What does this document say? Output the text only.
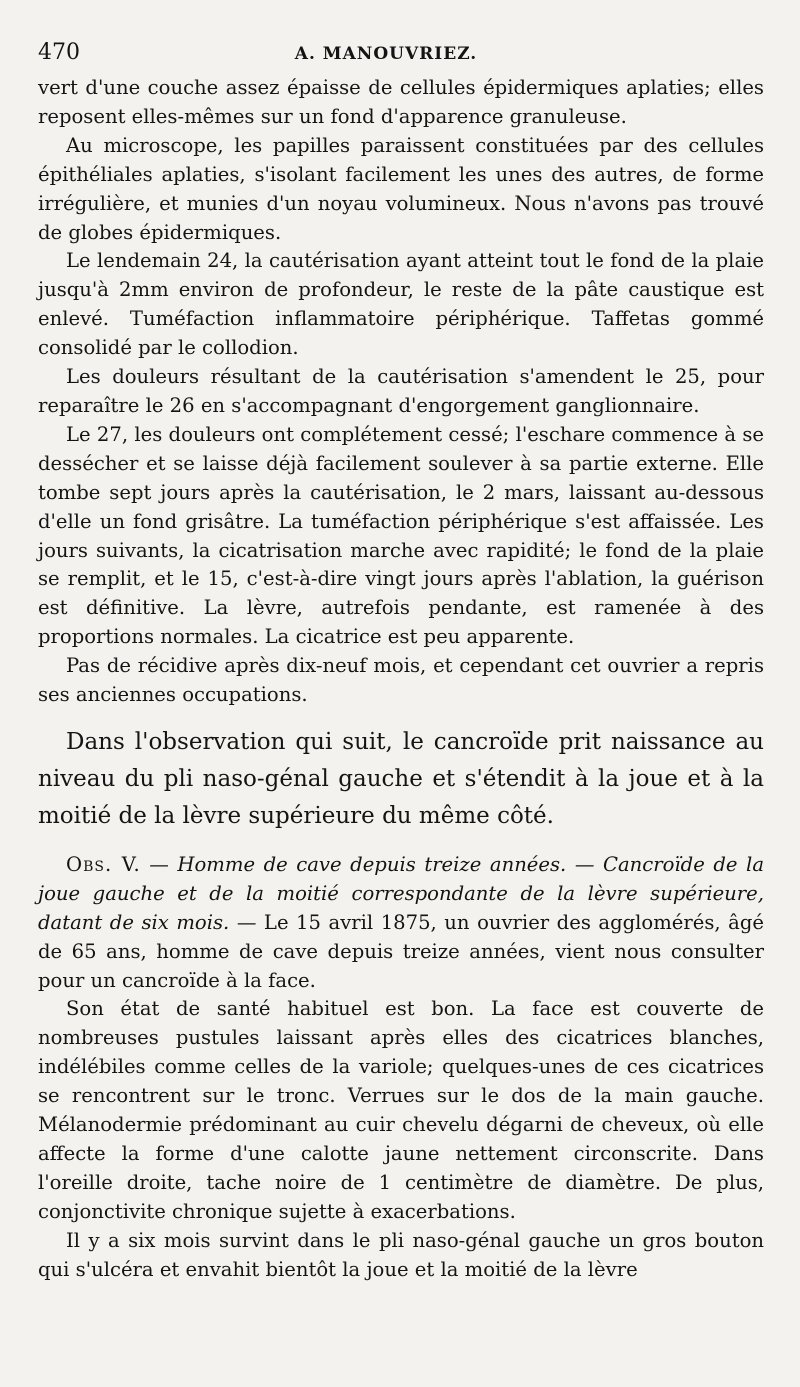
470	A. MANOUVRIEZ.

vert d'une couche assez épaisse de cellules épidermiques aplaties; elles reposent elles-mêmes sur un fond d'apparence granuleuse.

Au microscope, les papilles paraissent constituées par des cellules épithéliales aplaties, s'isolant facilement les unes des autres, de forme irrégulière, et munies d'un noyau volumineux. Nous n'avons pas trouvé de globes épidermiques.

Le lendemain 24, la cautérisation ayant atteint tout le fond de la plaie jusqu'à 2mm environ de profondeur, le reste de la pâte caustique est enlevé. Tuméfaction inflammatoire périphérique. Taffetas gommé consolidé par le collodion.

Les douleurs résultant de la cautérisation s'amendent le 25, pour reparaître le 26 en s'accompagnant d'engorgement ganglionnaire.

Le 27, les douleurs ont complétement cessé; l'eschare commence à se dessécher et se laisse déjà facilement soulever à sa partie externe. Elle tombe sept jours après la cautérisation, le 2 mars, laissant au-dessous d'elle un fond grisâtre. La tuméfaction périphérique s'est affaissée. Les jours suivants, la cicatrisation marche avec rapidité; le fond de la plaie se remplit, et le 15, c'est-à-dire vingt jours après l'ablation, la guérison est définitive. La lèvre, autrefois pendante, est ramenée à des proportions normales. La cicatrice est peu apparente.

Pas de récidive après dix-neuf mois, et cependant cet ouvrier a repris ses anciennes occupations.

Dans l'observation qui suit, le cancroïde prit naissance au niveau du pli naso-génal gauche et s'étendit à la joue et à la moitié de la lèvre supérieure du même côté.

Obs. V. — Homme de cave depuis treize années. — Cancroïde de la joue gauche et de la moitié correspondante de la lèvre supérieure, datant de six mois. — Le 15 avril 1875, un ouvrier des agglomérés, âgé de 65 ans, homme de cave depuis treize années, vient nous consulter pour un cancroïde à la face.

Son état de santé habituel est bon. La face est couverte de nombreuses pustules laissant après elles des cicatrices blanches, indélébiles comme celles de la variole; quelques-unes de ces cicatrices se rencontrent sur le tronc. Verrues sur le dos de la main gauche. Mélanodermie prédominant au cuir chevelu dégarni de cheveux, où elle affecte la forme d'une calotte jaune nettement circonscrite. Dans l'oreille droite, tache noire de 1 centimètre de diamètre. De plus, conjonctivite chronique sujette à exacerbations.

Il y a six mois survint dans le pli naso-génal gauche un gros bouton qui s'ulcéra et envahit bientôt la joue et la moitié de la lèvre
